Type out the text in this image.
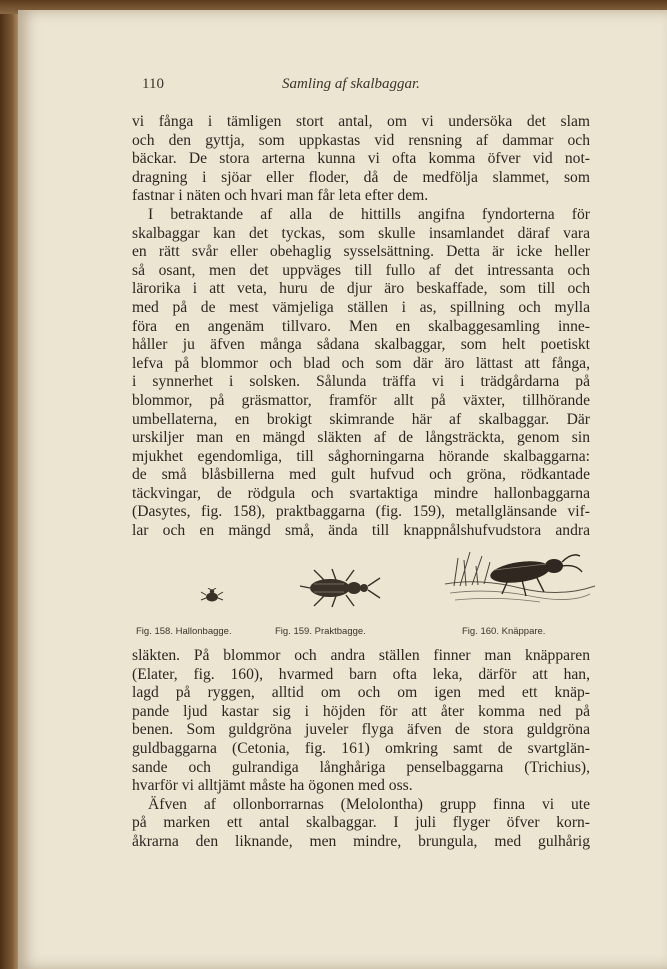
110	Samling af skalbaggar.
vi fånga i tämligen stort antal, om vi undersöka det slam
och den gyttja, som uppkastas vid rensning af dammar och
bäckar. De stora arterna kunna vi ofta komma öfver vid not-
dragning i sjöar eller floder, då de medfölja slammet, som
fastnar i näten och hvari man får leta efter dem.
I betraktande af alla de hittills angifna fyndorterna för
skalbaggar kan det tyckas, som skulle insamlandet däraf vara
en rätt svår eller obehaglig sysselsättning. Detta är icke heller
så osant, men det uppväges till fullo af det intressanta och
lärorika i att veta, huru de djur äro beskaffade, som till och
med på de mest vämjeliga ställen i as, spillning och mylla
föra en angenäm tillvaro. Men en skalbaggesamling inne-
håller ju äfven många sådana skalbaggar, som helt poetiskt
lefva på blommor och blad och som där äro lättast att fånga,
i synnerhet i solsken. Sålunda träffa vi i trädgårdarna på
blommor, på gräsmattor, framför allt på växter, tillhörande
umbellaterna, en brokigt skimrande här af skalbaggar. Där
urskiljer man en mängd släkten af de långsträckta, genom sin
mjukhet egendomliga, till såghorningarna hörande skalbaggarna:
de små blåsbillerna med gult hufvud och gröna, rödkantade
täckvingar, de rödgula och svartaktiga mindre hallonbaggarna
(Dasytes, fig. 158), praktbaggarna (fig. 159), metallglänsande vif-
lar och en mängd små, ända till knappnålshufvudstora andra
Fig. 158. Hallonbagge.	Fig. 159. Praktbagge.	Fig. 160. Knäppare.
släkten. På blommor och andra ställen finner man knäpparen
(Elater, fig. 160), hvarmed barn ofta leka, därför att han,
lagd på ryggen, alltid om och om igen med ett knäp-
pande ljud kastar sig i höjden för att åter komma ned på
benen. Som guldgröna juveler flyga äfven de stora guldgröna
guldbaggarna (Cetonia, fig. 161) omkring samt de svartglän-
sande och gulrandiga långhåriga penselbaggarna (Trichius),
hvarför vi alltjämt måste ha ögonen med oss.
Äfven af ollonborrarnas (Melolontha) grupp finna vi ute
på marken ett antal skalbaggar. I juli flyger öfver korn-
åkrarna den liknande, men mindre, brungula, med gulhårig
